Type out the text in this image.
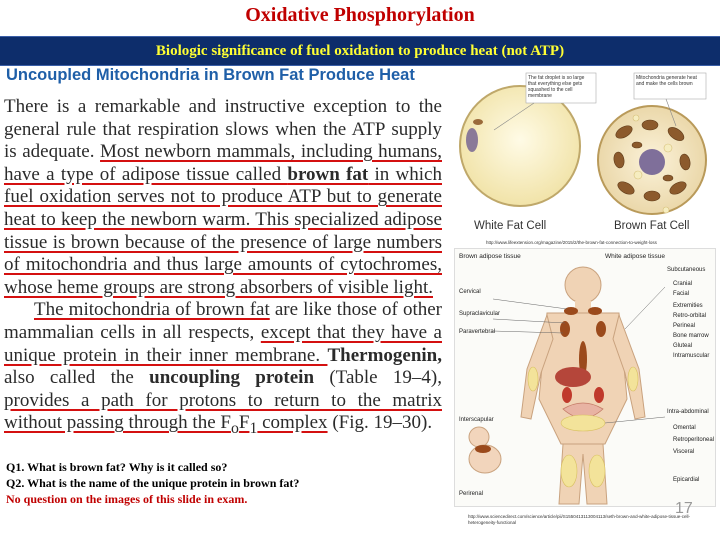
Oxidative Phosphorylation
Biologic significance of fuel oxidation to produce heat (not ATP)
Uncoupled Mitochondria in Brown Fat Produce Heat

There is a remarkable and instructive exception to the general rule that respiration slows when the ATP supply is adequate. Most newborn mammals, including humans, have a type of adipose tissue called brown fat in which fuel oxidation serves not to produce ATP but to generate heat to keep the newborn warm. This specialized adipose tissue is brown because of the presence of large numbers of mitochondria and thus large amounts of cytochromes, whose heme groups are strong absorbers of visible light.

The mitochondria of brown fat are like those of other mammalian cells in all respects, except that they have a unique protein in their inner membrane. Thermogenin, also called the uncoupling protein (Table 19–4), provides a path for protons to return to the matrix without passing through the $F_oF_1$ complex (Fig. 19–30).

Q1. What is brown fat? Why is it called so?
Q2. What is the name of the unique protein in brown fat?
No question on the images of this slide in exam.
The fat droplet is so large that everything else gets squashed to the cell membrane
Mitochondria generate heat and make the cells brown
White Fat Cell	Brown Fat Cell
http://www.lifeextension.org/magazine/2015/2/the-brown-fat-connection-to-weight-loss
Brown adipose tissue	White adipose tissue
Cervical
Supraclavicular
Paravertebral
Interscapular
Perirenal
Subcutaneous
Cranial
Facial
Extremities
Retro-orbital
Perineal
Bone marrow
Gluteal
Intramuscular
Intra-abdominal
Omental
Retroperitoneal
Visceral
Epicardial
17
http://www.sciencedirect.com/science/article/pii/S1550413113004113/seth-brown-and-white-adipose-tissue-cell-heterogeneity-functional
